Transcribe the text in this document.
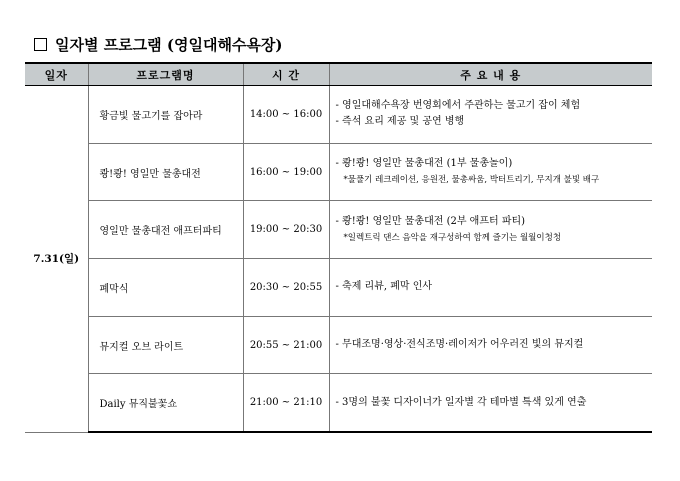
일자별 프로그램 (영일대해수욕장)
일자	프로그램명	시 간	주 요 내 용
7.31(일)	황금빛 물고기를 잡아라	14:00 ~ 16:00	- 영일대해수욕장 번영회에서 주관하는 물고기 잡이 체험
- 즉석 요리 제공 및 공연 병행

	쾅!쾅! 영일만 물총대전	16:00 ~ 19:00	- 쾅!쾅! 영일만 물총대전 (1부 물총놀이)
*물풀기 레크레이션, 응원전, 물총싸움, 박터트리기, 무지개 불빛 배구

	영일만 물총대전 애프터파티	19:00 ~ 20:30	- 쾅!쾅! 영일만 물총대전 (2부 애프터 파티)
*일렉트릭 댄스 음악을 재구성하여 함께 즐기는 월월이청청

	폐막식	20:30 ~ 20:55	- 축제 리뷰, 폐막 인사

	뮤지컬 오브 라이트	20:55 ~ 21:00	- 무대조명·영상·전식조명·레이저가 어우러진 빛의 뮤지컬

	Daily 뮤직불꽃쇼	21:00 ~ 21:10	- 3명의 불꽃 디자이너가 일자별 각 테마별 특색 있게 연출
